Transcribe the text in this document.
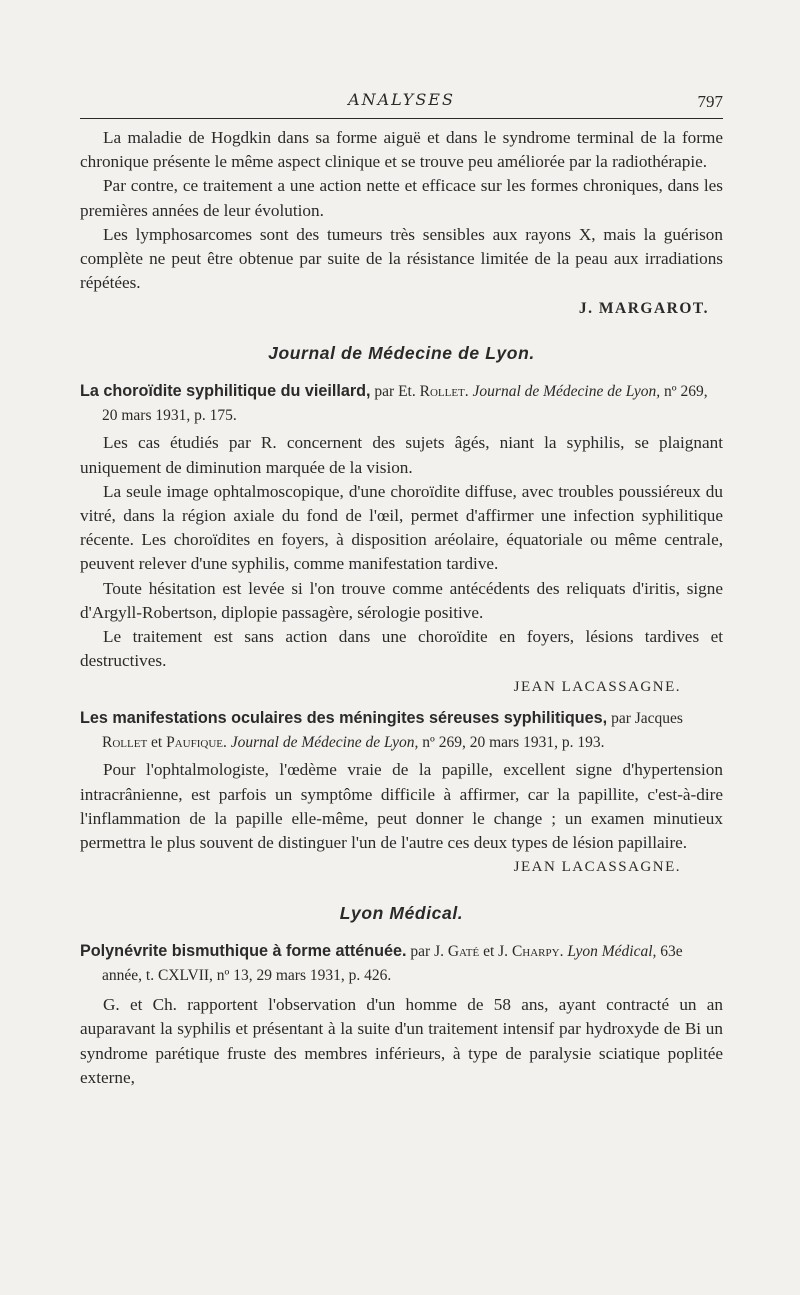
ANALYSES	797

La maladie de Hogdkin dans sa forme aiguë et dans le syndrome terminal de la forme chronique présente le même aspect clinique et se trouve peu améliorée par la radiothérapie.

Par contre, ce traitement a une action nette et efficace sur les formes chroniques, dans les premières années de leur évolution.

Les lymphosarcomes sont des tumeurs très sensibles aux rayons X, mais la guérison complète ne peut être obtenue par suite de la résistance limitée de la peau aux irradiations répétées.

J. MARGAROT.
Journal de Médecine de Lyon.
La choroïdite syphilitique du vieillard, par Et. Rollet. Journal de Médecine de Lyon, nº 269, 20 mars 1931, p. 175.

Les cas étudiés par R. concernent des sujets âgés, niant la syphilis, se plaignant uniquement de diminution marquée de la vision.

La seule image ophtalmoscopique, d'une choroïdite diffuse, avec troubles poussiéreux du vitré, dans la région axiale du fond de l'œil, permet d'affirmer une infection syphilitique récente. Les choroïdites en foyers, à disposition aréolaire, équatoriale ou même centrale, peuvent relever d'une syphilis, comme manifestation tardive.

Toute hésitation est levée si l'on trouve comme antécédents des reliquats d'iritis, signe d'Argyll-Robertson, diplopie passagère, sérologie positive.

Le traitement est sans action dans une choroïdite en foyers, lésions tardives et destructives.

JEAN LACASSAGNE.
Les manifestations oculaires des méningites séreuses syphilitiques, par Jacques Rollet et Paufique. Journal de Médecine de Lyon, nº 269, 20 mars 1931, p. 193.

Pour l'ophtalmologiste, l'œdème vraie de la papille, excellent signe d'hypertension intracrânienne, est parfois un symptôme difficile à affirmer, car la papillite, c'est-à-dire l'inflammation de la papille elle-même, peut donner le change ; un examen minutieux permettra le plus souvent de distinguer l'un de l'autre ces deux types de lésion papillaire.

JEAN LACASSAGNE.
Lyon Médical.
Polynévrite bismuthique à forme atténuée. par J. Gaté et J. Charpy. Lyon Médical, 63e année, t. CXLVII, nº 13, 29 mars 1931, p. 426.

G. et Ch. rapportent l'observation d'un homme de 58 ans, ayant contracté un an auparavant la syphilis et présentant à la suite d'un traitement intensif par hydroxyde de Bi un syndrome parétique fruste des membres inférieurs, à type de paralysie sciatique poplitée externe,
